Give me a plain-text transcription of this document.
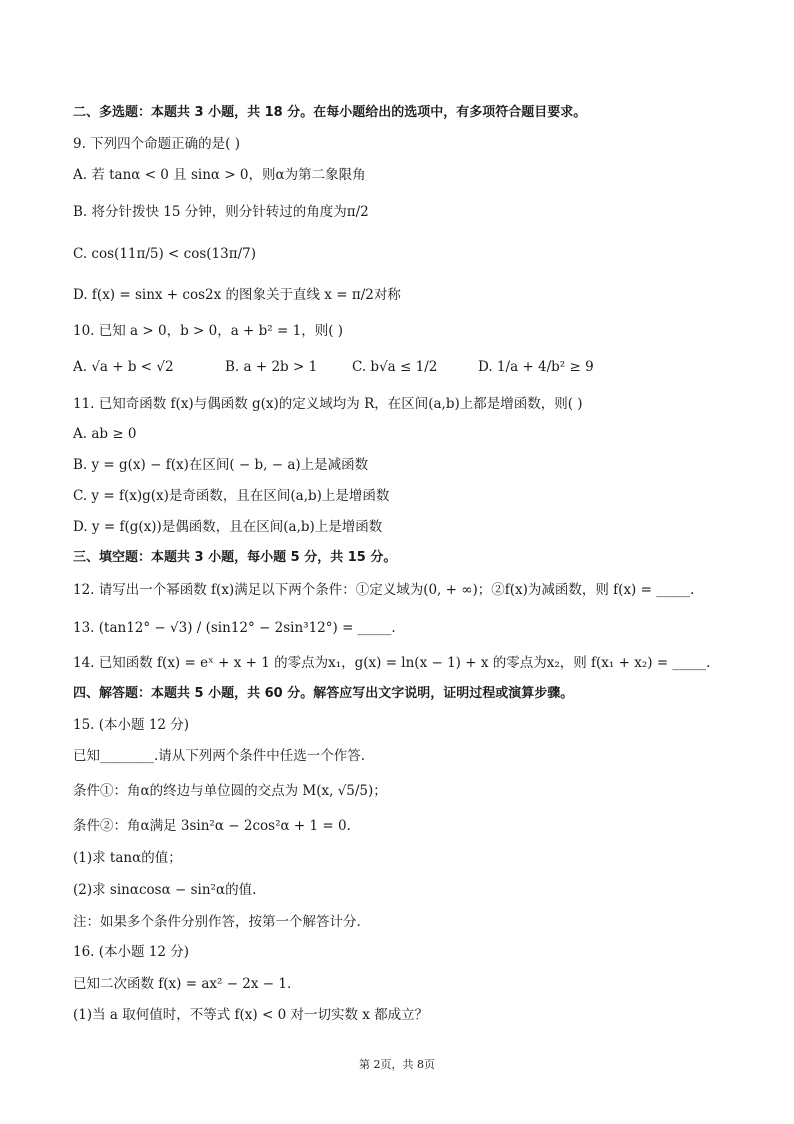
二、多选题：本题共 3 小题，共 18 分。在每小题给出的选项中，有多项符合题目要求。
9. 下列四个命题正确的是( )
A. 若 tanα < 0 且 sinα > 0，则α为第二象限角
B. 将分针拨快 15 分钟，则分针转过的角度为π/2
C. cos(11π/5) < cos(13π/7)
D. f(x) = sinx + cos2x 的图象关于直线 x = π/2对称
10. 已知 a > 0，b > 0，a + b² = 1，则( )
A. √a + b < √2	B. a + 2b > 1	C. b√a ≤ 1/2	D. 1/a + 4/b² ≥ 9
11. 已知奇函数 f(x)与偶函数 g(x)的定义域均为 R，在区间(a,b)上都是增函数，则( )
A. ab ≥ 0
B. y = g(x) − f(x)在区间( − b, − a)上是减函数
C. y = f(x)g(x)是奇函数，且在区间(a,b)上是增函数
D. y = f(g(x))是偶函数，且在区间(a,b)上是增函数
三、填空题：本题共 3 小题，每小题 5 分，共 15 分。
12. 请写出一个幂函数 f(x)满足以下两个条件：①定义域为(0, + ∞)；②f(x)为减函数，则 f(x) = _____.
13. (tan12° − √3) / (sin12° − 2sin³12°) = _____.
14. 已知函数 f(x) = eˣ + x + 1 的零点为x₁，g(x) = ln(x − 1) + x 的零点为x₂，则 f(x₁ + x₂) = _____.
四、解答题：本题共 5 小题，共 60 分。解答应写出文字说明，证明过程或演算步骤。
15. (本小题 12 分)
已知________.请从下列两个条件中任选一个作答.
条件①：角α的终边与单位圆的交点为 M(x, √5/5)；
条件②：角α满足 3sin²α − 2cos²α + 1 = 0.
(1)求 tanα的值；
(2)求 sinαcosα − sin²α的值.
注：如果多个条件分别作答，按第一个解答计分.
16. (本小题 12 分)
已知二次函数 f(x) = ax² − 2x − 1.
(1)当 a 取何值时，不等式 f(x) < 0 对一切实数 x 都成立？
第 2页，共 8页
